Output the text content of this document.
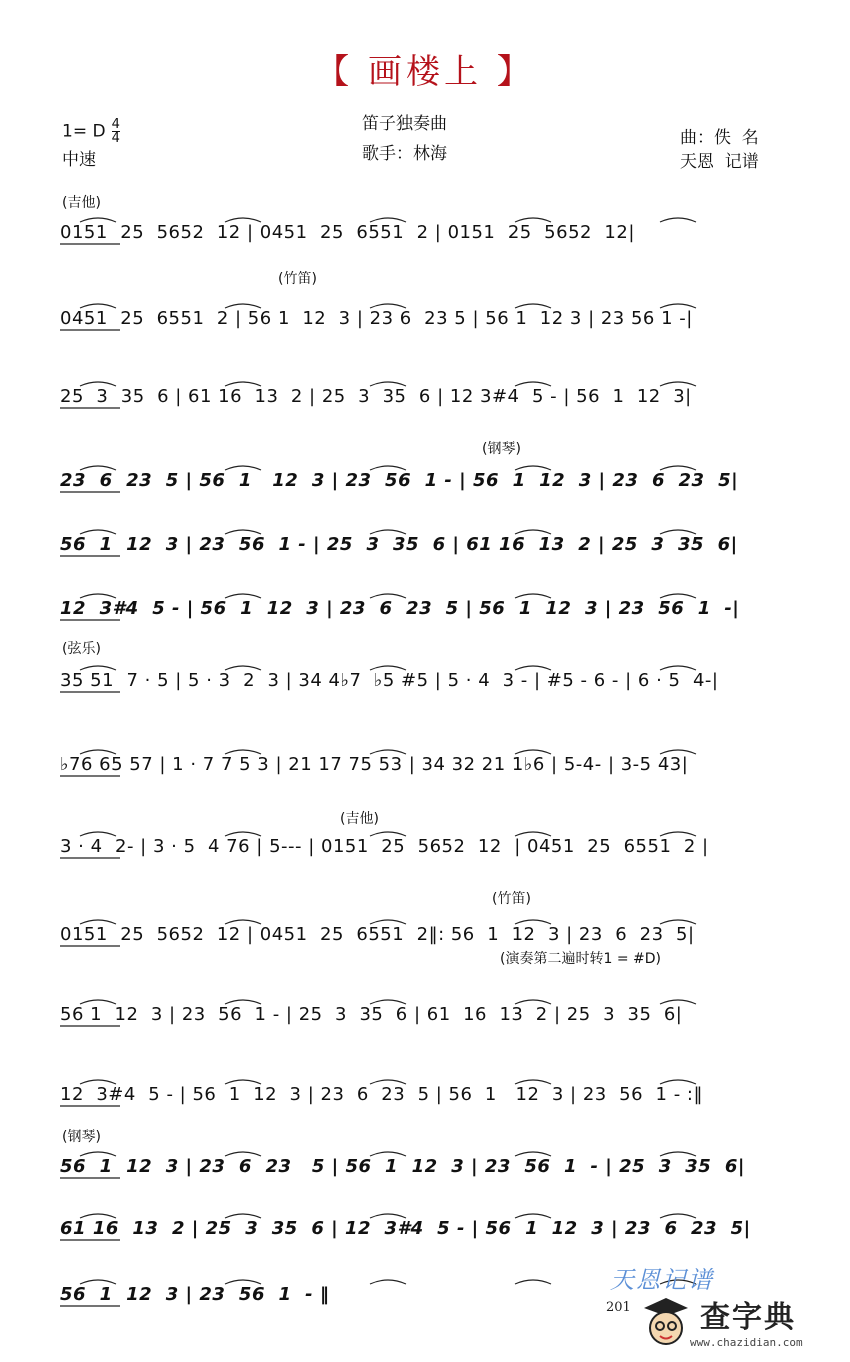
【 画楼上 】
1= D $\frac{4}{4}$
中速
笛子独奏曲
歌手：林海
曲：佚  名
天恩  记谱
(吉他)
(竹笛)
(钢琴)
(弦乐)
(吉他)
(竹笛)
(钢琴)
(演奏第二遍时转1 = #D)
0151  25  5652  12 | 0451  25  6551  2 | 0151  25  5652  12|
0451  25  6551  2 | 56 1  12  3 | 23 6  23 5 | 56 1  12 3 | 23 56 1 -|
25  3  35  6 | 61 16  13  2 | 25  3  35  6 | 12 3#4  5 - | 56  1  12  3|
23  6  23  5 | 56  1   12  3 | 23  56  1 - | 56  1  12  3 | 23  6  23  5|
56  1  12  3 | 23  56  1 - | 25  3  35  6 | 61 16  13  2 | 25  3  35  6|
12  3#4  5 - | 56  1  12  3 | 23  6  23  5 | 56  1  12  3 | 23  56  1  -|
35 51  7 · 5 | 5 · 3  2  3 | 34 4♭7  ♭5 #5 | 5 · 4  3 - | #5 - 6 - | 6 · 5  4-|
♭76 65 57 | 1 · 7 7 5 3 | 21 17 75 53 | 34 32 21 1♭6 | 5-4- | 3-5 43|
3 · 4  2- | 3 · 5  4 76 | 5--- | 0151  25  5652  12  | 0451  25  6551  2 |
0151  25  5652  12 | 0451  25  6551  2‖: 56  1  12  3 | 23  6  23  5|
56 1  12  3 | 23  56  1 - | 25  3  35  6 | 61  16  13  2 | 25  3  35  6|
12  3#4  5 - | 56  1  12  3 | 23  6  23  5 | 56  1   12  3 | 23  56  1 - :‖
56  1  12  3 | 23  6  23   5 | 56  1  12  3 | 23  56  1  - | 25  3  35  6|
61 16  13  2 | 25  3  35  6 | 12  3#4  5 - | 56  1  12  3 | 23  6  23  5|
56  1  12  3 | 23  56  1  - ‖
天恩记谱
201 查字典
www.chazidian.com
